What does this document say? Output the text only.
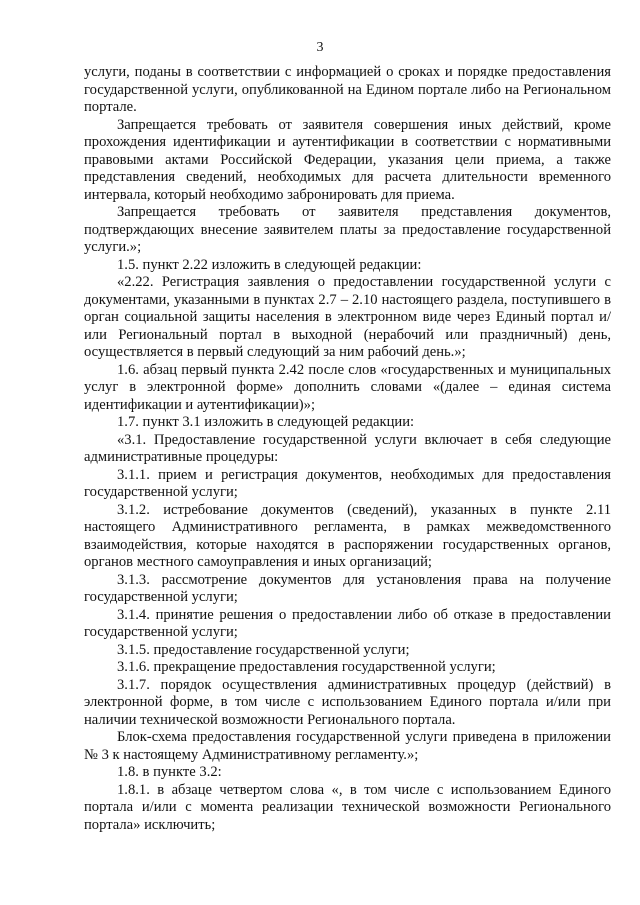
3

услуги, поданы в соответствии с информацией о сроках и порядке предоставления государственной услуги, опубликованной на Едином портале либо на Региональном портале.

Запрещается требовать от заявителя совершения иных действий, кроме прохождения идентификации и аутентификации в соответствии с нормативными правовыми актами Российской Федерации, указания цели приема, а также представления сведений, необходимых для расчета длительности временного интервала, который необходимо забронировать для приема.

Запрещается требовать от заявителя представления документов, подтверждающих внесение заявителем платы за предоставление государственной услуги.»;

1.5. пункт 2.22 изложить в следующей редакции:

«2.22. Регистрация заявления о предоставлении государственной услуги с документами, указанными в пунктах 2.7 – 2.10 настоящего раздела, поступившего в орган социальной защиты населения в электронном виде через Единый портал и/или Региональный портал в выходной (нерабочий или праздничный) день, осуществляется в первый следующий за ним рабочий день.»;

1.6. абзац первый пункта 2.42 после слов «государственных и муниципальных услуг в электронной форме» дополнить словами «(далее – единая система идентификации и аутентификации)»;

1.7. пункт 3.1 изложить в следующей редакции:

«3.1. Предоставление государственной услуги включает в себя следующие административные процедуры:

3.1.1. прием и регистрация документов, необходимых для предоставления государственной услуги;

3.1.2. истребование документов (сведений), указанных в пункте 2.11 настоящего Административного регламента, в рамках межведомственного взаимодействия, которые находятся в распоряжении государственных органов, органов местного самоуправления и иных организаций;

3.1.3. рассмотрение документов для установления права на получение государственной услуги;

3.1.4. принятие решения о предоставлении либо об отказе в предоставлении государственной услуги;

3.1.5. предоставление государственной услуги;

3.1.6. прекращение предоставления государственной услуги;

3.1.7. порядок осуществления административных процедур (действий) в электронной форме, в том числе с использованием Единого портала и/или при наличии технической возможности Регионального портала.

Блок-схема предоставления государственной услуги приведена в приложении № 3 к настоящему Административному регламенту.»;

1.8. в пункте 3.2:

1.8.1. в абзаце четвертом слова «, в том числе с использованием Единого портала и/или с момента реализации технической возможности Регионального портала» исключить;
